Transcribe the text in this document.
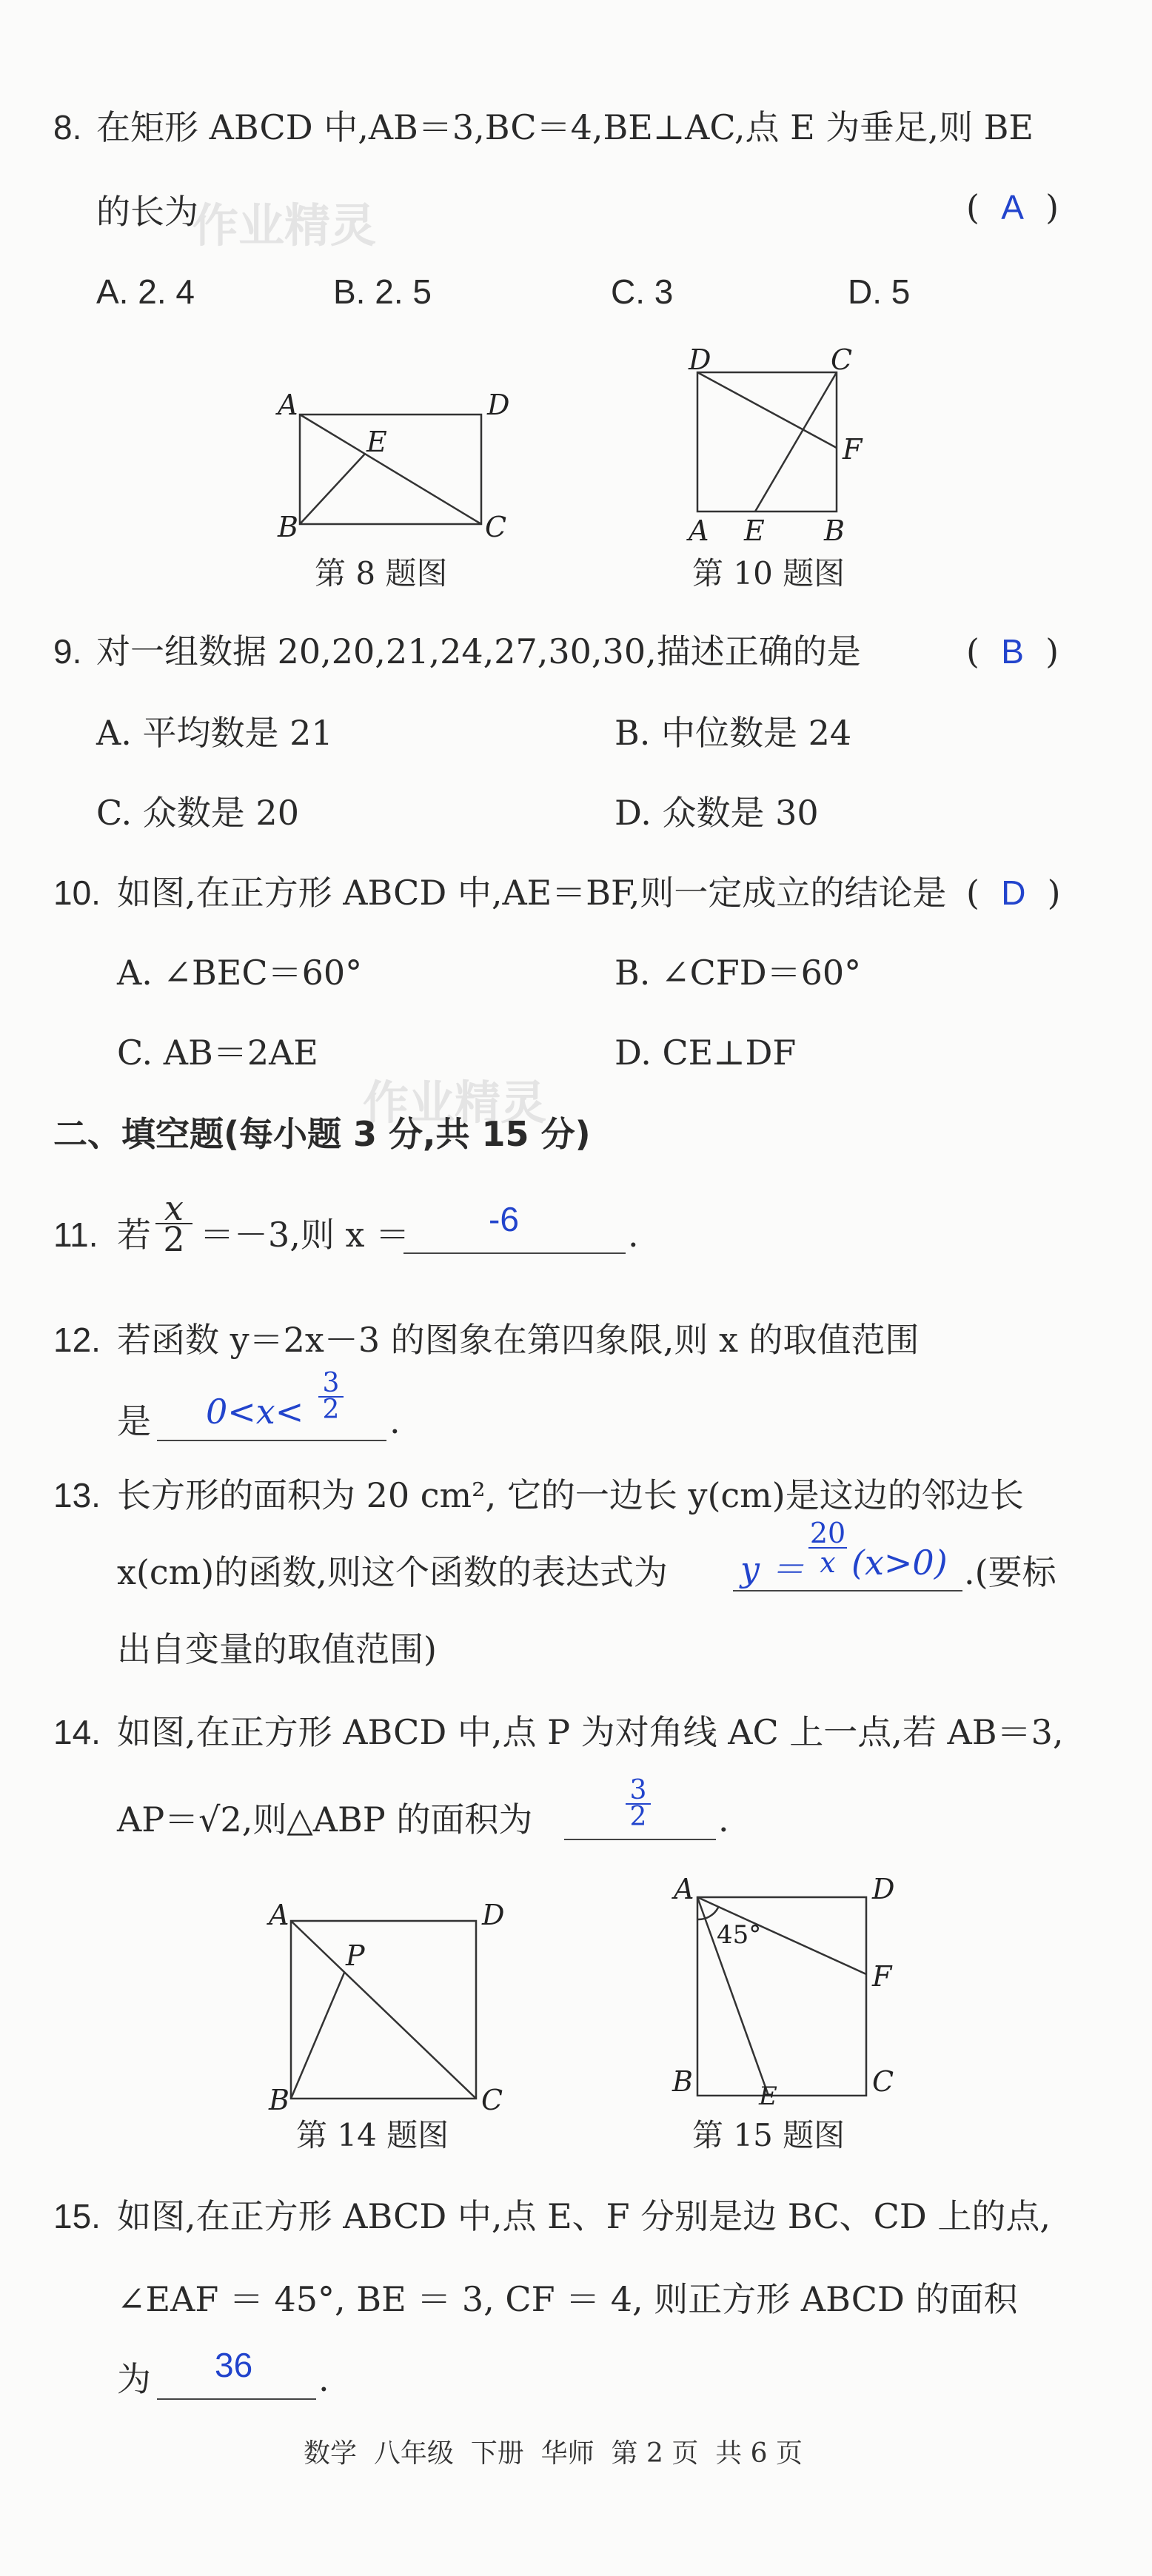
8. 在矩形 ABCD 中,AB＝3,BC＝4,BE⊥AC,点 E 为垂足,则 BE
的长为
作业精灵	(  A  )
A. 2. 4	B. 2. 5	C. 3	D. 5
A	D
E
B	C
第 8 题图
D	C
F
A E B
第 10 题图
9. 对一组数据 20,20,21,24,27,30,30,描述正确的是	(  B  )
A. 平均数是 21	B. 中位数是 24
C. 众数是 20	D. 众数是 30
10. 如图,在正方形 ABCD 中,AE＝BF,则一定成立的结论是 (  D  )
A. ∠BEC＝60°	B. ∠CFD＝60°
C. AB＝2AE	D. CE⊥DF
作业精灵
二、填空题(每小题 3 分,共 15 分)
11. 若
x
2 ＝－3,则 x ＝ -6	.
12. 若函数 y＝2x－3 的图象在第四象限,则 x 的取值范围
是 0<x<
3
2 .
13. 长方形的面积为 20 cm², 它的一边长 y(cm)是这边的邻边长
x(cm)的函数,则这个函数的表达式为 y ＝
20
x (x>0) .(要标
出自变量的取值范围)
14. 如图,在正方形 ABCD 中,点 P 为对角线 AC 上一点,若 AB＝3,
AP＝√2,则△ABP 的面积为
3
2 .
A	D
P
B	C
第 14 题图
A	D
45°
F
B	E	C
第 15 题图
15. 如图,在正方形 ABCD 中,点 E、F 分别是边 BC、CD 上的点,
∠EAF ＝ 45°, BE ＝ 3, CF ＝ 4, 则正方形 ABCD 的面积
为 36 .
数学  八年级  下册  华师  第 2 页  共 6 页
